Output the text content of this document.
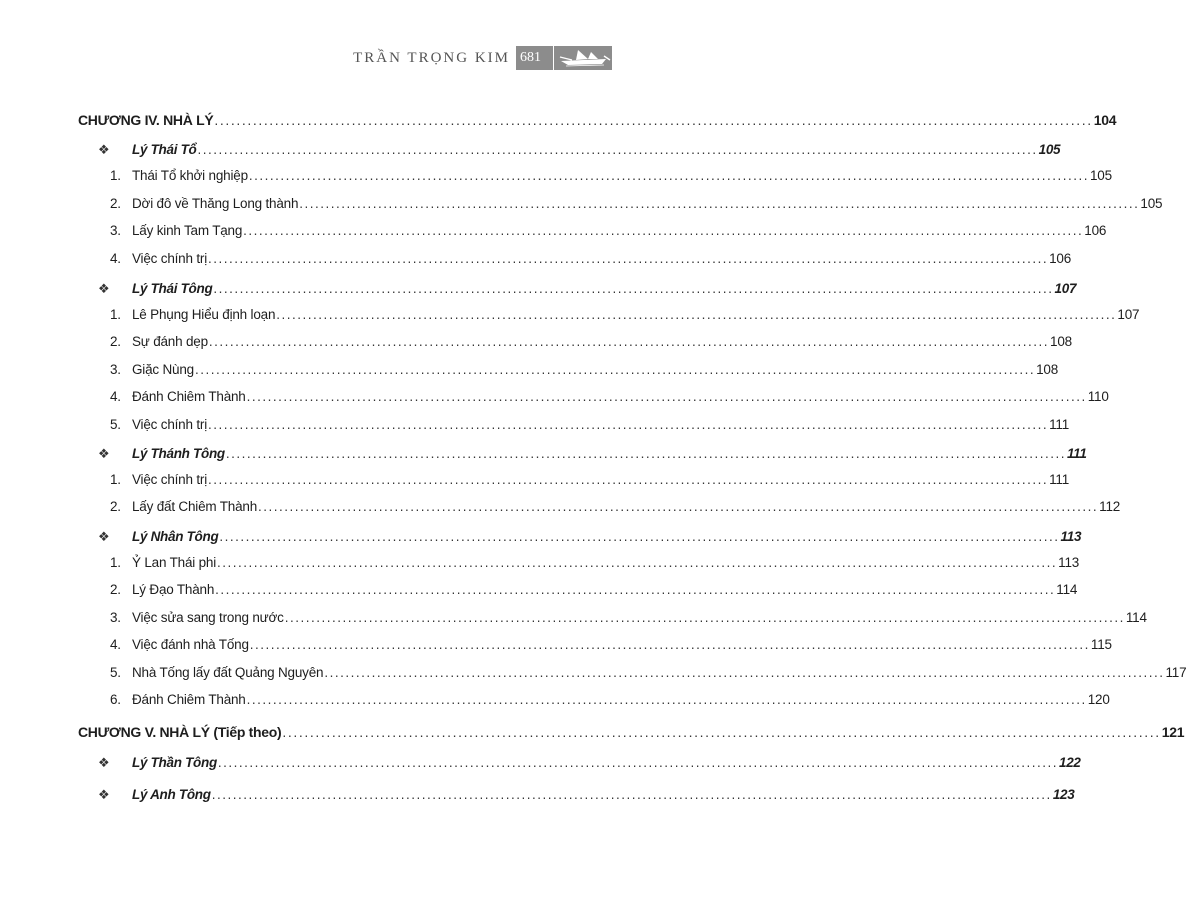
TRẦN TRỌNG KIM 681
CHƯƠNG IV. NHÀ LÝ ................................................................................................................................................................ 104
❖ Lý Thái Tổ ................................................................................................................................................................ 105
1. Thái Tổ khởi nghiệp ................................................................................................................................................................ 105
2. Dời đô về Thăng Long thành ................................................................................................................................................................ 105
3. Lấy kinh Tam Tạng ................................................................................................................................................................ 106
4. Việc chính trị ................................................................................................................................................................ 106
❖ Lý Thái Tông ................................................................................................................................................................ 107
1. Lê Phụng Hiểu định loạn ................................................................................................................................................................ 107
2. Sự đánh dẹp ................................................................................................................................................................ 108
3. Giặc Nùng ................................................................................................................................................................ 108
4. Đánh Chiêm Thành ................................................................................................................................................................ 110
5. Việc chính trị ................................................................................................................................................................ 111
❖ Lý Thánh Tông ................................................................................................................................................................ 111
1. Việc chính trị ................................................................................................................................................................ 111
2. Lấy đất Chiêm Thành ................................................................................................................................................................ 112
❖ Lý Nhân Tông ................................................................................................................................................................ 113
1. Ỷ Lan Thái phi ................................................................................................................................................................ 113
2. Lý Đạo Thành ................................................................................................................................................................ 114
3. Việc sửa sang trong nước ................................................................................................................................................................ 114
4. Việc đánh nhà Tống ................................................................................................................................................................ 115
5. Nhà Tống lấy đất Quảng Nguyên ................................................................................................................................................................ 117
6. Đánh Chiêm Thành ................................................................................................................................................................ 120
CHƯƠNG V. NHÀ LÝ (Tiếp theo) ................................................................................................................................................................ 121
❖ Lý Thần Tông ................................................................................................................................................................ 122
❖ Lý Anh Tông ................................................................................................................................................................ 123
